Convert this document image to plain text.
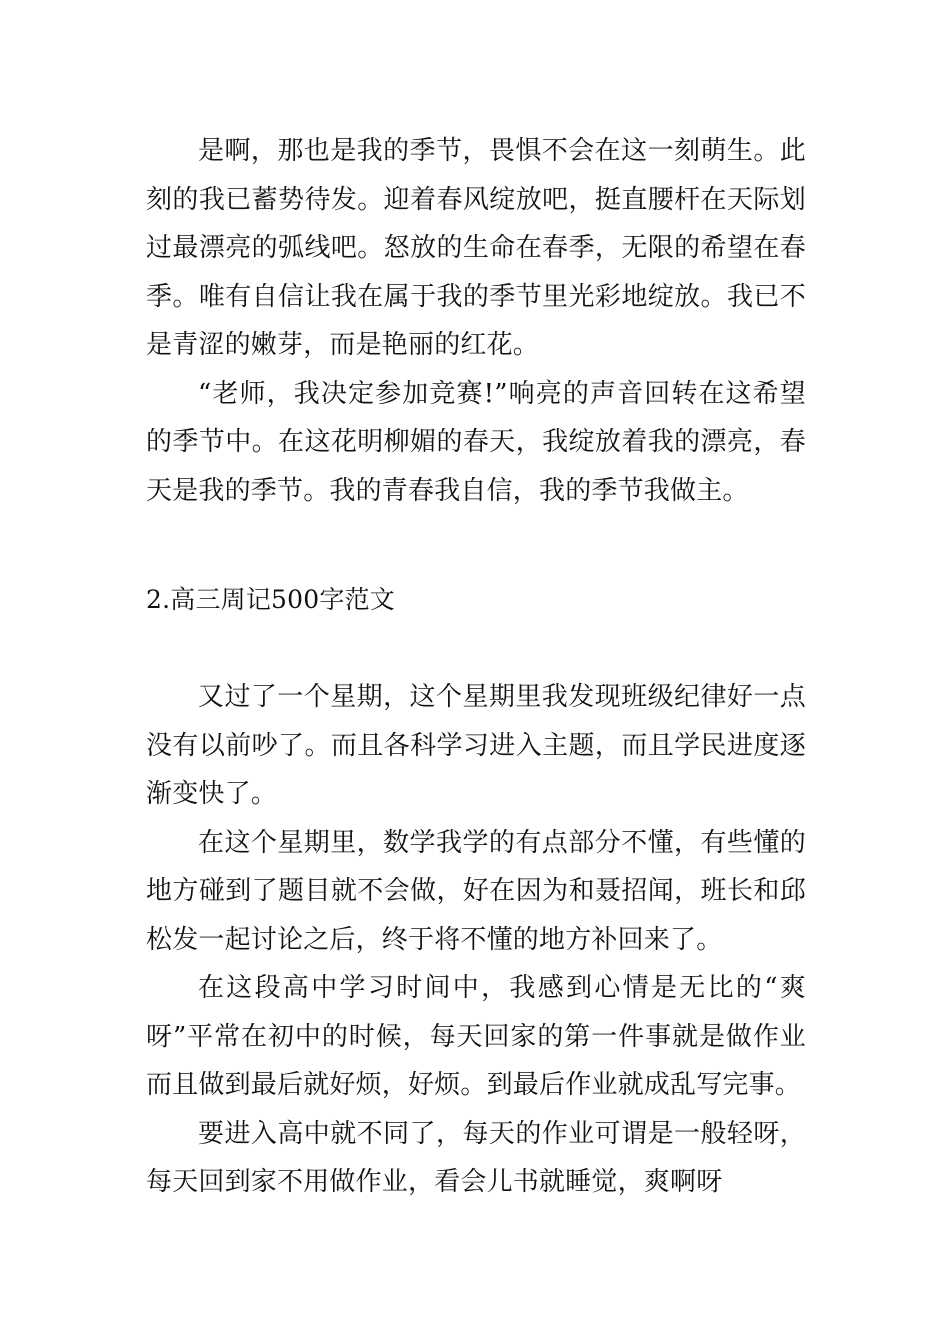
是啊，那也是我的季节，畏惧不会在这一刻萌生。此刻的我已蓄势待发。迎着春风绽放吧，挺直腰杆在天际划过最漂亮的弧线吧。怒放的生命在春季，无限的希望在春季。唯有自信让我在属于我的季节里光彩地绽放。我已不是青涩的嫩芽，而是艳丽的红花。

“老师，我决定参加竞赛!”响亮的声音回转在这希望的季节中。在这花明柳媚的春天，我绽放着我的漂亮，春天是我的季节。我的青春我自信，我的季节我做主。

2.高三周记500字范文

又过了一个星期，这个星期里我发现班级纪律好一点没有以前吵了。而且各科学习进入主题，而且学民进度逐渐变快了。

在这个星期里，数学我学的有点部分不懂，有些懂的地方碰到了题目就不会做，好在因为和聂招闻，班长和邱松发一起讨论之后，终于将不懂的地方补回来了。

在这段高中学习时间中，我感到心情是无比的“爽呀”平常在初中的时候，每天回家的第一件事就是做作业而且做到最后就好烦，好烦。到最后作业就成乱写完事。

要进入高中就不同了，每天的作业可谓是一般轻呀，每天回到家不用做作业，看会儿书就睡觉，爽啊呀
